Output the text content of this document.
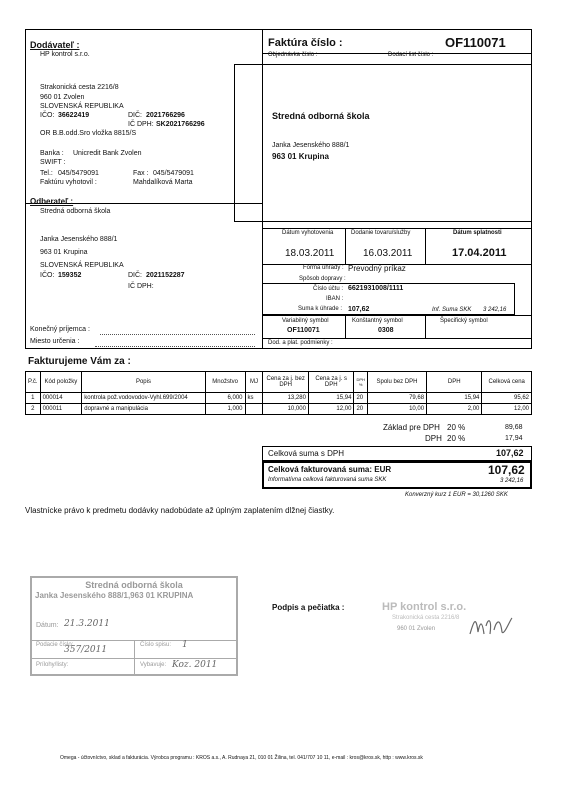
Dodávateľ :
HP kontrol s.r.o.
Strakonická cesta 2216/8
960 01 Zvolen
SLOVENSKÁ REPUBLIKA
IČO: 36622419	DIČ: 2021766296
IČ DPH: SK2021766296
OR B.B.odd.Sro vložka 8815/S
Banka : Unicredit Bank Zvolen
SWIFT :
Tel.: 045/5479091	Fax : 045/5479091
Faktúru vyhotovil :	Mahdalíková Marta
Faktúra číslo :	OF110071
Objednávka číslo :	Dodací list číslo :
Stredná odborná škola
Janka Jesenského 888/1
963 01 Krupina
Odberateľ :
Stredná odborná škola
Janka Jesenského 888/1
963 01 Krupina
SLOVENSKÁ REPUBLIKA
IČO: 159352	DIČ: 2021152287
IČ DPH:
Konečný príjemca :
Miesto určenia :
Dátum vyhotovenia	Dodanie tovaru/služby	Dátum splatnosti
18.03.2011	16.03.2011	17.04.2011
Forma úhrady : Prevodný príkaz
Spôsob dopravy :
Číslo účtu : 6621931008/1111
IBAN :
Suma k úhrade : 107,62	Inf. Suma SKK 3 242,16
Variabilný symbol	Konštantný symbol	Špecifický symbol
OF110071	0308
Dod. a plat. podmienky :
Fakturujeme Vám za :
P.č.	Kód položky	Popis	Množstvo	MJ	Cena za j. bez DPH	Cena za j. s DPH	DPH %	Spolu bez DPH	DPH	Celková cena
1	000014	kontrola pož.vodovodov-Vyhl.699/2004	6,000	ks	13,280	15,94	20	79,68	15,94	95,62
2	000011	dopravné a manipulácia	1,000		10,000	12,00	20	10,00	2,00	12,00
Základ pre DPH 20 %	89,68
DPH 20 %	17,94
Celková suma s DPH	107,62
Celková fakturovaná suma: EUR	107,62
Informatívna celková fakturovaná suma SKK	3 242,16
Konverzný kurz 1 EUR = 30,1260 SKK
Vlastnícke právo k predmetu dodávky nadobúdate až úplným zaplatením dlžnej čiastky.
Stredná odborná škola
Janka Jesenského 888/1,963 01 KRUPINA
Dátum: 21.3.2011
Podacie číslo:
357/2011	Číslo spisu: 1
Prílohy/listy:	Vybavuje: Koz. 2011
Podpis a pečiatka :	HP kontrol s.r.o.
Strakonická cesta 2216/8
960 01 Zvolen
Omega - účtovníctvo, sklad a fakturácia. Výrobca programu : KROS a.s., A. Rudnaya 21, 010 01 Žilina, tel. 041/707 10 11, e-mail : kros@kros.sk, http : www.kros.sk
